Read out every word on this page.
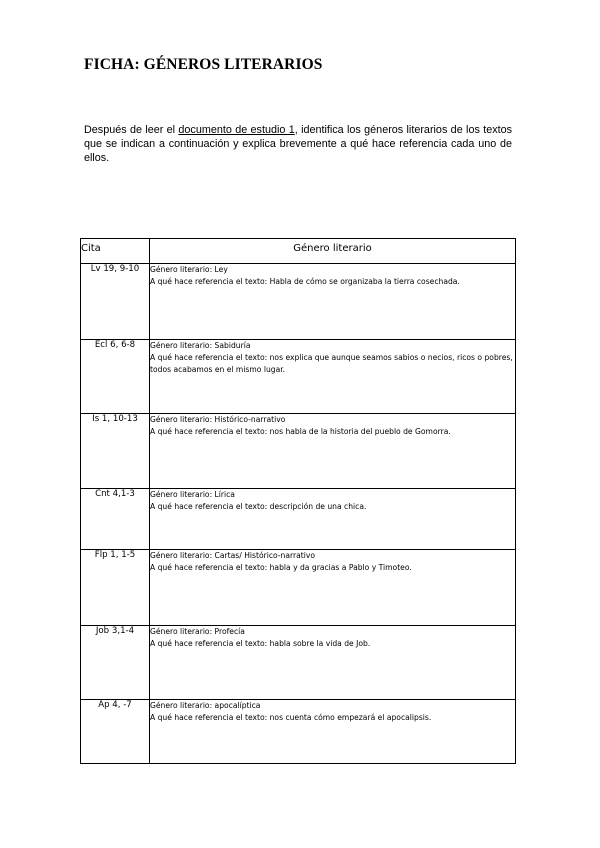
FICHA: GÉNEROS LITERARIOS

Después de leer el documento de estudio 1, identifica los géneros literarios de los textos que se indican a continuación y explica brevemente a qué hace referencia cada uno de ellos.

Cita	Género literario
Lv 19, 9-10	Género literario: Ley
A qué hace referencia el texto: Habla de cómo se organizaba la tierra cosechada.

Ecl 6, 6-8	Género literario: Sabiduría
A qué hace referencia el texto: nos explica que aunque seamos sabios o necios, ricos o pobres, todos acabamos en el mismo lugar.

Is 1, 10-13	Género literario: Histórico-narrativo
A qué hace referencia el texto: nos habla de la historia del pueblo de Gomorra.

Cnt 4,1-3	Género literario: Lírica
A qué hace referencia el texto: descripción de una chica.

Flp 1, 1-5	Género literario: Cartas/ Histórico-narrativo
A qué hace referencia el texto: habla y da gracias a Pablo y Timoteo.

Job 3,1-4	Género literario: Profecía
A qué hace referencia el texto: habla sobre la vida de Job.

Ap 4, -7	Género literario: apocalíptica
A qué hace referencia el texto: nos cuenta cómo empezará el apocalipsis.
